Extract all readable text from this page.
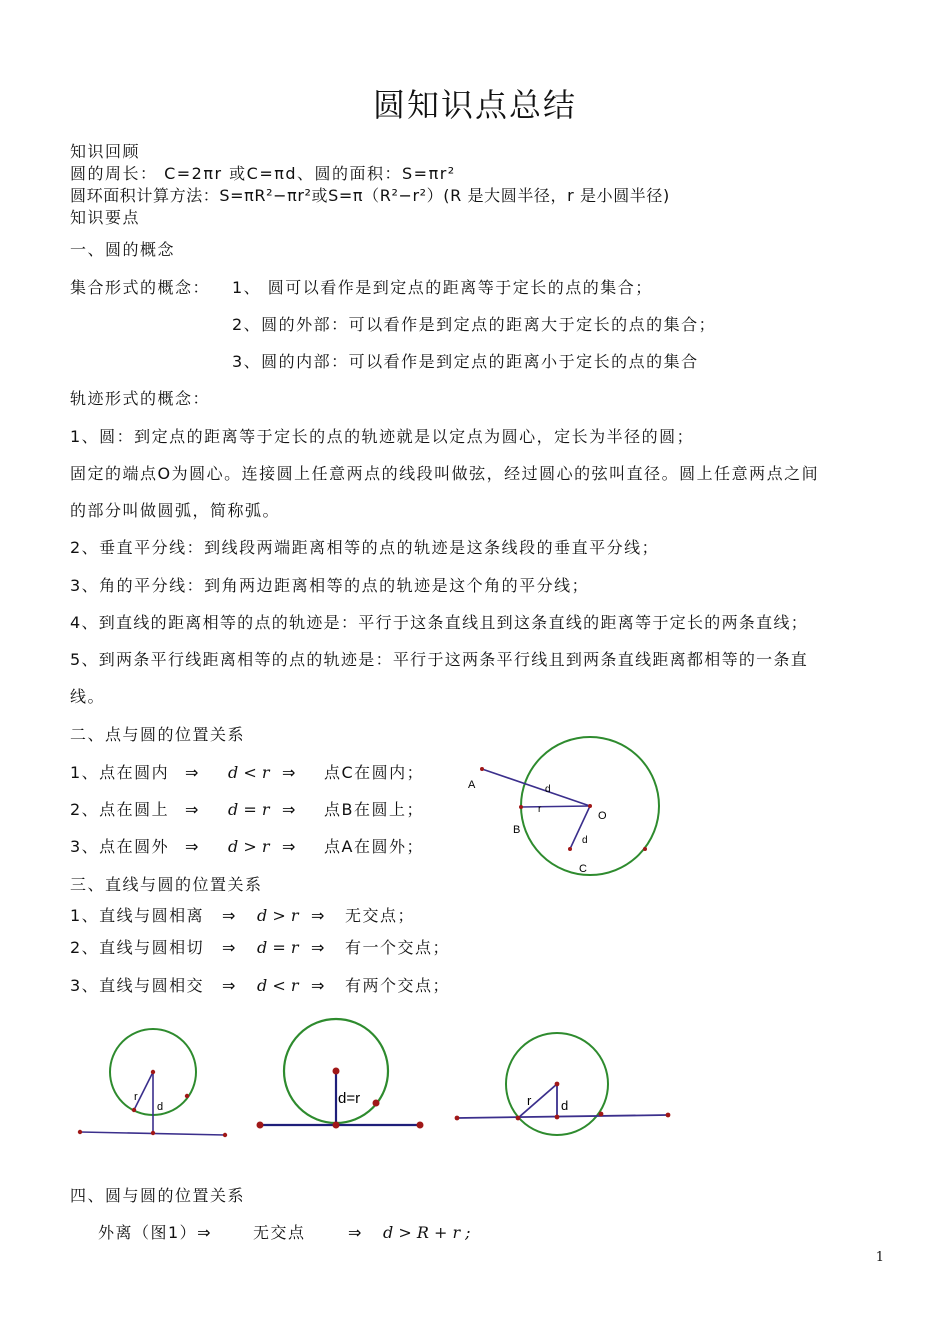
圆知识点总结
知识回顾
圆的周长： C=2πr 或C=πd、圆的面积：S=πr²
圆环面积计算方法：S=πR²−πr²或S=π（R²−r²）(R 是大圆半径，r 是小圆半径)
知识要点
一、圆的概念
集合形式的概念： 1、 圆可以看作是到定点的距离等于定长的点的集合；
2、圆的外部：可以看作是到定点的距离大于定长的点的集合；
3、圆的内部：可以看作是到定点的距离小于定长的点的集合
轨迹形式的概念：
1、圆：到定点的距离等于定长的点的轨迹就是以定点为圆心，定长为半径的圆；
固定的端点O为圆心。连接圆上任意两点的线段叫做弦，经过圆心的弦叫直径。圆上任意两点之间
的部分叫做圆弧，简称弧。
2、垂直平分线：到线段两端距离相等的点的轨迹是这条线段的垂直平分线；
3、角的平分线：到角两边距离相等的点的轨迹是这个角的平分线；
4、到直线的距离相等的点的轨迹是：平行于这条直线且到这条直线的距离等于定长的两条直线；
5、到两条平行线距离相等的点的轨迹是：平行于这两条平行线且到两条直线距离都相等的一条直
线。
二、点与圆的位置关系
1、点在圆内 ⇒ d < r ⇒ 点C在圆内；
2、点在圆上 ⇒ d = r ⇒ 点B在圆上；
3、点在圆外 ⇒ d > r ⇒ 点A在圆外；
A
B
C
O
d
r
d
三、直线与圆的位置关系
1、直线与圆相离 ⇒ d > r ⇒ 无交点；
2、直线与圆相切 ⇒ d = r ⇒ 有一个交点；
3、直线与圆相交 ⇒ d < r ⇒ 有两个交点；
r
d	d=r	r d
四、圆与圆的位置关系
外离（图1）⇒	无交点	⇒ d > R + r ;
1
